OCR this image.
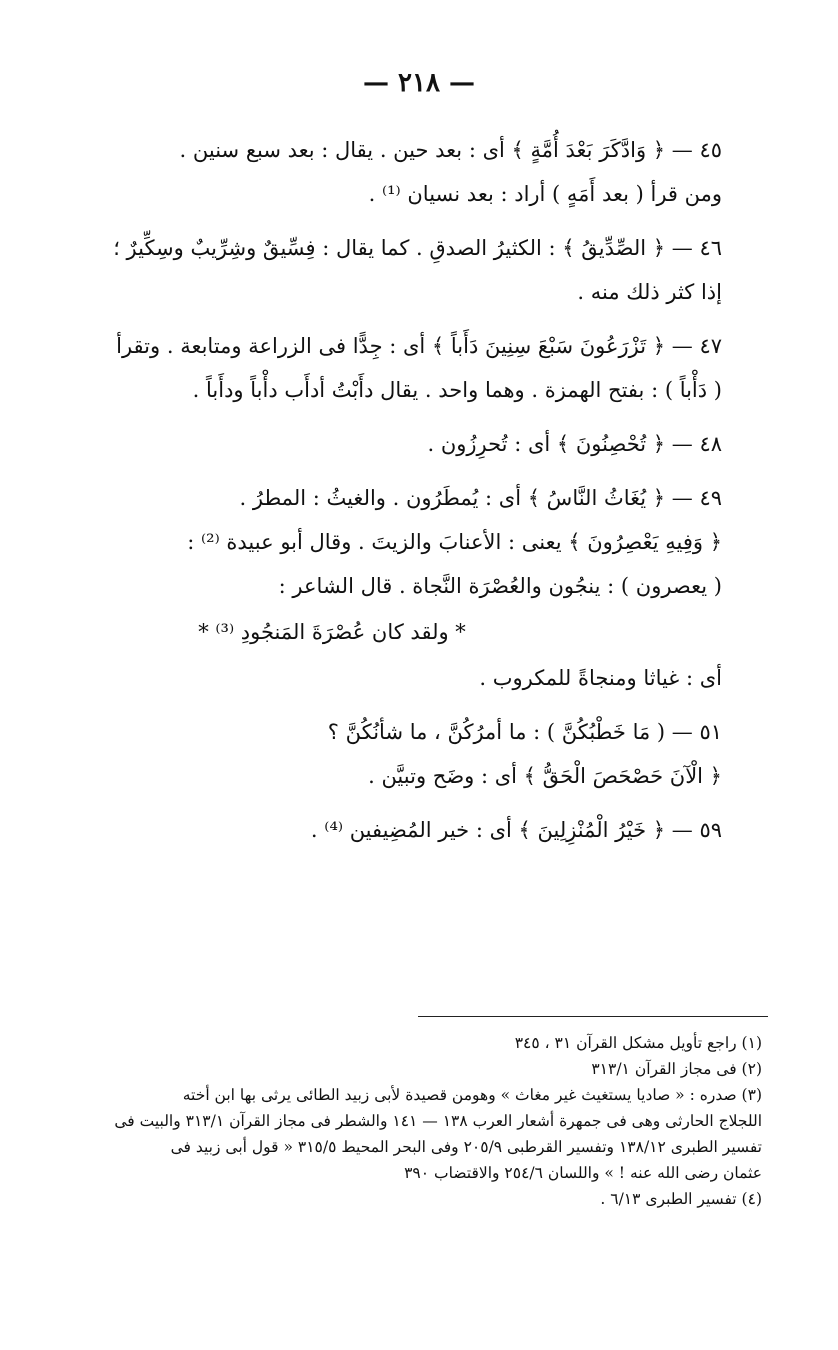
— ٢١٨ —
٤٥ — ﴿ وَادَّكَرَ بَعْدَ أُمَّةٍ ﴾ أى : بعد حين . يقال : بعد سبع سنين .
ومن قرأ ( بعد أَمَهٍ ) أراد : بعد نسيان ⁽¹⁾ .
٤٦ — ﴿ الصِّدِّيقُ ﴾ : الكثيرُ الصدقِ . كما يقال : فِسِّيقٌ وشِرِّيبٌ وسِكِّيرٌ ؛
إذا كثر ذلك منه .
٤٧ — ﴿ تَزْرَعُونَ سَبْعَ سِنِينَ دَأَباً ﴾ أى : جِدًّا فى الزراعة ومتابعة . وتقرأ
( دَأْباً ) : بفتح الهمزة . وهما واحد . يقال دأَبْتُ أدأَب دأْباً ودأَباً .
٤٨ — ﴿ تُحْصِنُونَ ﴾ أى : تُحرِزُون .
٤٩ — ﴿ يُغَاثُ النَّاسُ ﴾ أى : يُمطَرُون . والغيثُ : المطرُ .
﴿ وَفِيهِ يَعْصِرُونَ ﴾ يعنى : الأعنابَ والزيتَ . وقال أبو عبيدة ⁽²⁾ :
( يعصرون ) : ينجُون والعُصْرَة النَّجاة . قال الشاعر :
* ولقد كان عُصْرَةَ المَنجُودِ ⁽³⁾ *
أى : غياثا ومنجاةً للمكروب .
٥١ — ( مَا خَطْبُكُنَّ ) : ما أمرُكُنَّ ، ما شأنُكُنَّ ؟
﴿ الْآنَ حَصْحَصَ الْحَقُّ ﴾ أى : وضَح وتبيَّن .
٥٩ — ﴿ خَيْرُ الْمُنْزِلِينَ ﴾ أى : خير المُضِيفين ⁽⁴⁾ .
(١) راجع تأويل مشكل القرآن ٣١ ، ٣٤٥
(٢) فى مجاز القرآن ٣١٣/١
(٣) صدره : « صاديا يستغيث غير مغاث » وهومن قصيدة لأبى زبيد الطائى يرثى بها ابن أخته
اللجلاج الحارثى وهى فى جمهرة أشعار العرب ١٣٨ — ١٤١ والشطر فى مجاز القرآن ٣١٣/١ والبيت فى
تفسير الطبرى ١٣٨/١٢ وتفسير القرطبى ٢٠٥/٩ وفى البحر المحيط ٣١٥/٥ « قول أبى زبيد فى
عثمان رضى الله عنه ! » واللسان ٢٥٤/٦ والاقتضاب ٣٩٠
(٤) تفسير الطبرى ٦/١٣ .
